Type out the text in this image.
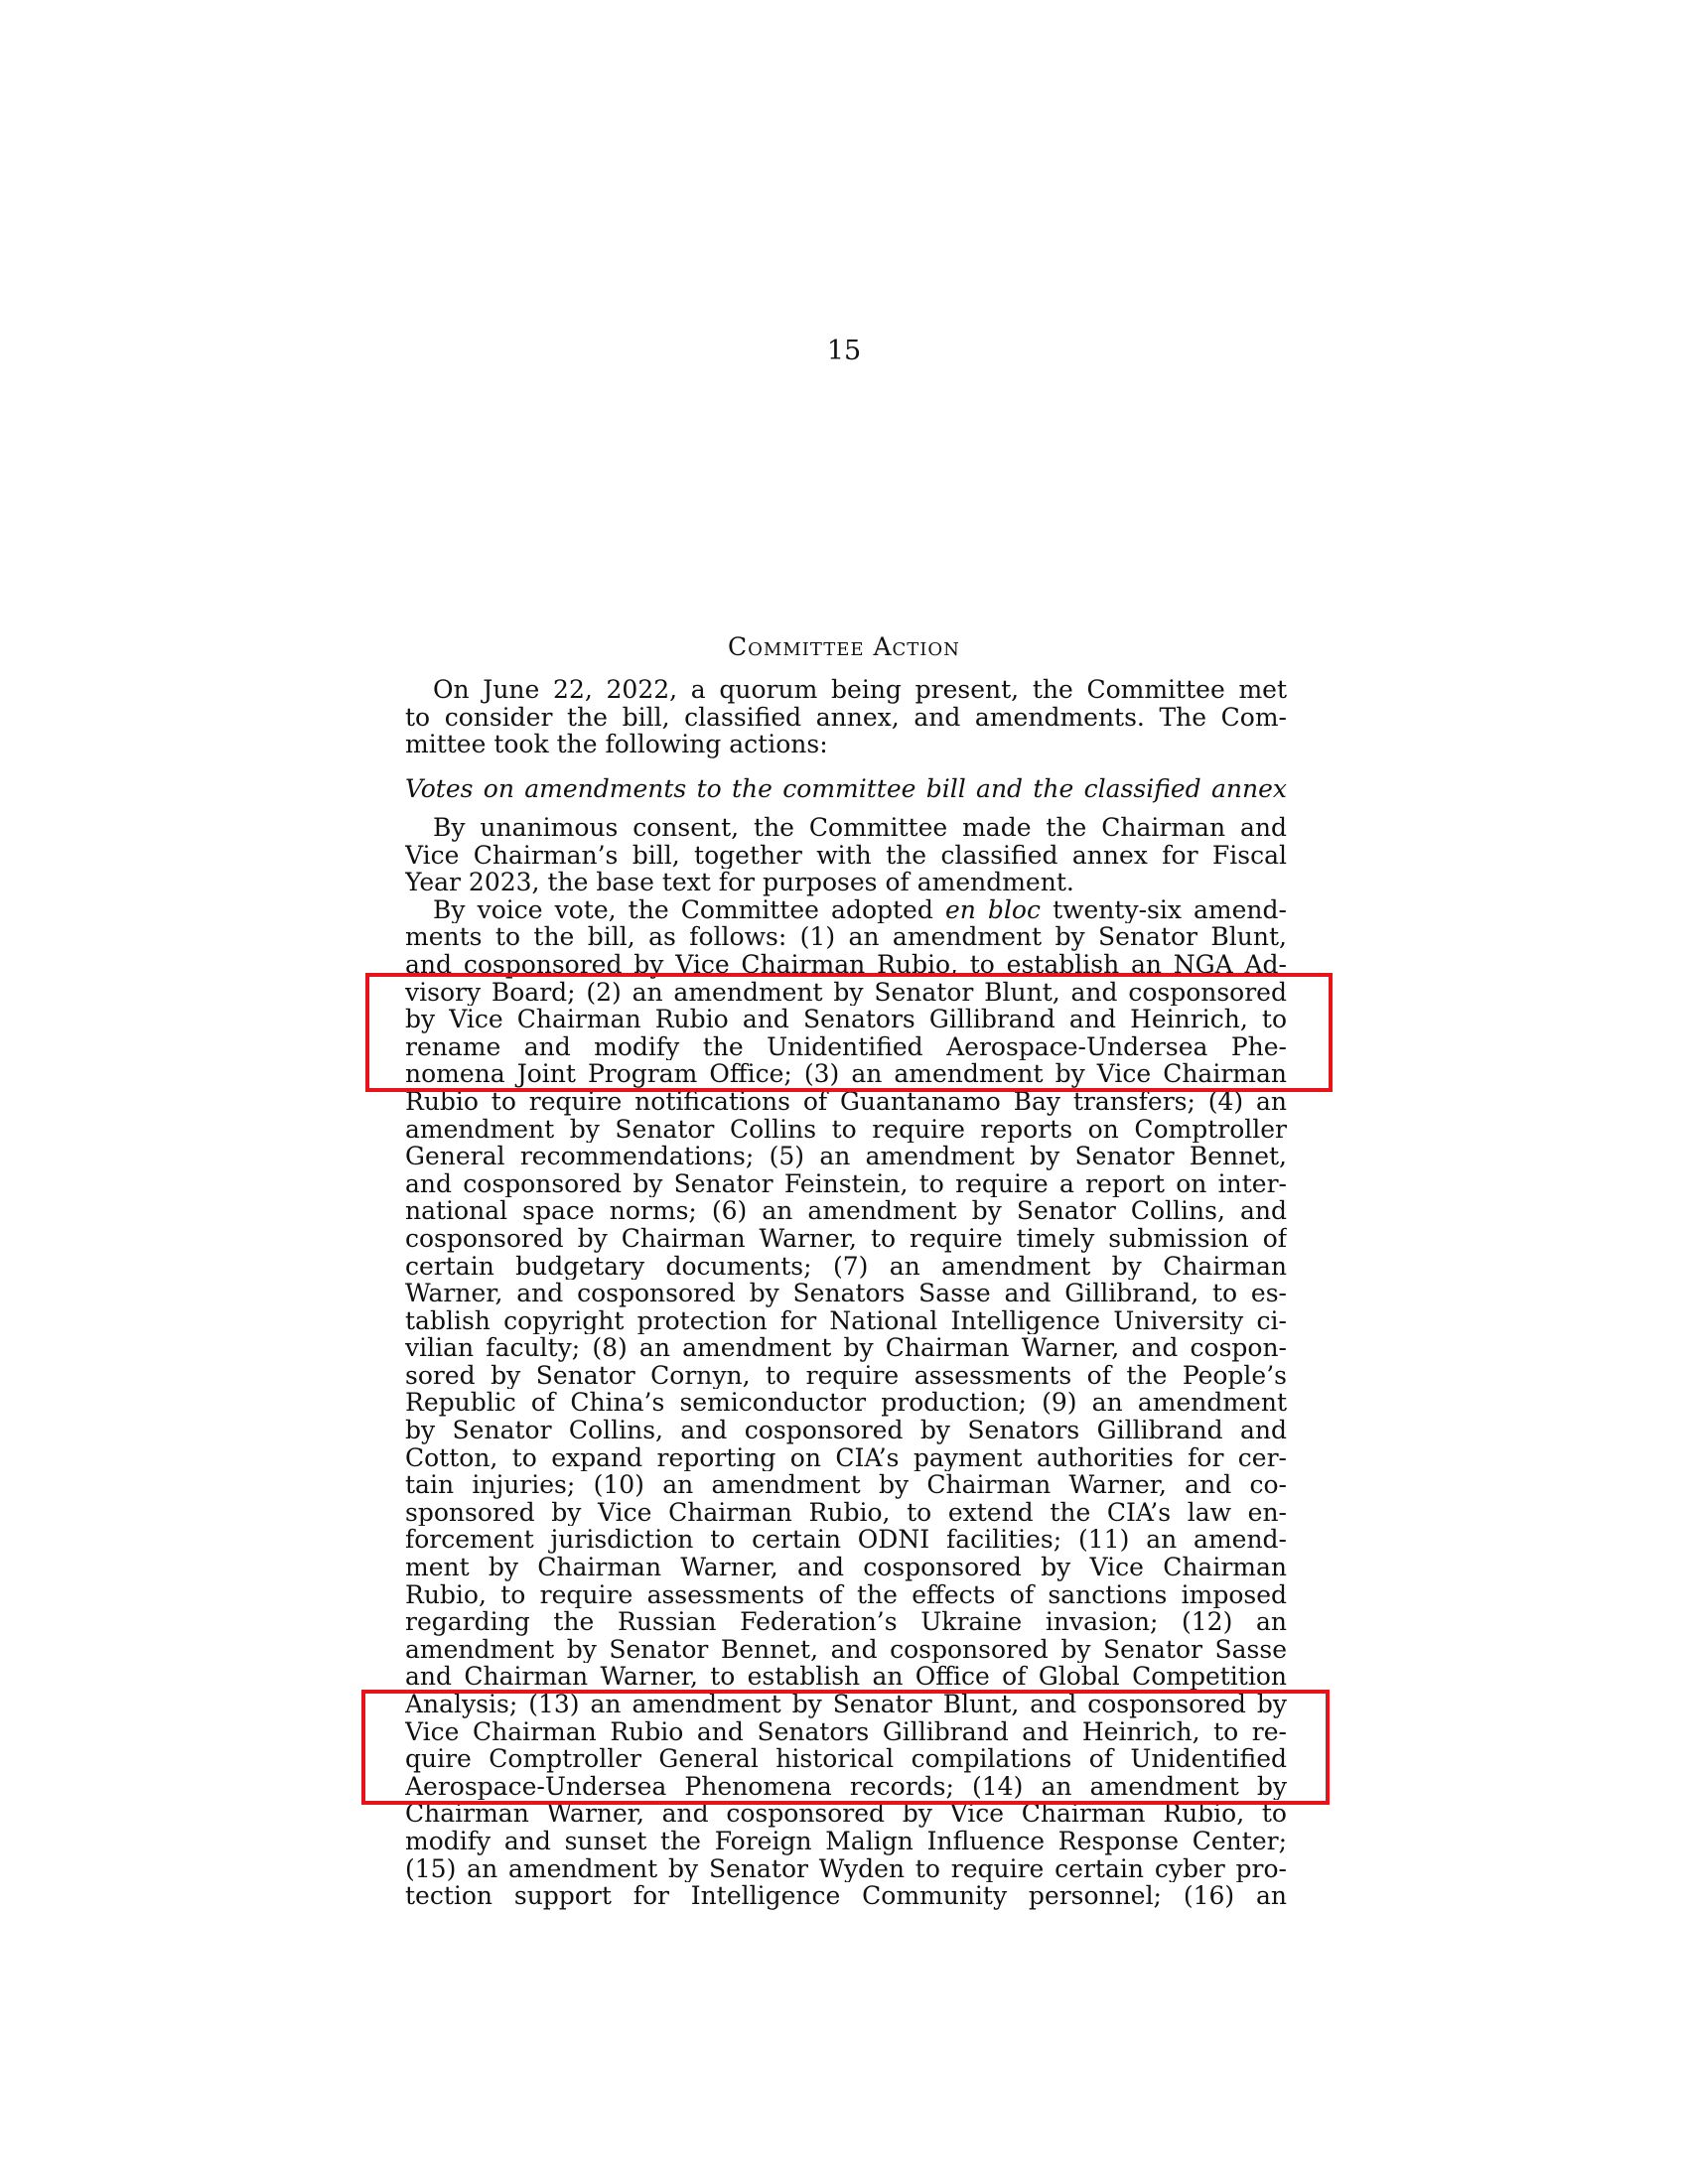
15
Committee Action
On June 22, 2022, a quorum being present, the Committee met
to consider the bill, classified annex, and amendments. The Com-
mittee took the following actions:
Votes on amendments to the committee bill and the classified annex
By unanimous consent, the Committee made the Chairman and
Vice Chairman’s bill, together with the classified annex for Fiscal
Year 2023, the base text for purposes of amendment.
By voice vote, the Committee adopted en bloc twenty-six amend-
ments to the bill, as follows: (1) an amendment by Senator Blunt,
and cosponsored by Vice Chairman Rubio, to establish an NGA Ad-
visory Board; (2) an amendment by Senator Blunt, and cosponsored
by Vice Chairman Rubio and Senators Gillibrand and Heinrich, to
rename and modify the Unidentified Aerospace-Undersea Phe-
nomena Joint Program Office; (3) an amendment by Vice Chairman
Rubio to require notifications of Guantanamo Bay transfers; (4) an
amendment by Senator Collins to require reports on Comptroller
General recommendations; (5) an amendment by Senator Bennet,
and cosponsored by Senator Feinstein, to require a report on inter-
national space norms; (6) an amendment by Senator Collins, and
cosponsored by Chairman Warner, to require timely submission of
certain budgetary documents; (7) an amendment by Chairman
Warner, and cosponsored by Senators Sasse and Gillibrand, to es-
tablish copyright protection for National Intelligence University ci-
vilian faculty; (8) an amendment by Chairman Warner, and cospon-
sored by Senator Cornyn, to require assessments of the People’s
Republic of China’s semiconductor production; (9) an amendment
by Senator Collins, and cosponsored by Senators Gillibrand and
Cotton, to expand reporting on CIA’s payment authorities for cer-
tain injuries; (10) an amendment by Chairman Warner, and co-
sponsored by Vice Chairman Rubio, to extend the CIA’s law en-
forcement jurisdiction to certain ODNI facilities; (11) an amend-
ment by Chairman Warner, and cosponsored by Vice Chairman
Rubio, to require assessments of the effects of sanctions imposed
regarding the Russian Federation’s Ukraine invasion; (12) an
amendment by Senator Bennet, and cosponsored by Senator Sasse
and Chairman Warner, to establish an Office of Global Competition
Analysis; (13) an amendment by Senator Blunt, and cosponsored by
Vice Chairman Rubio and Senators Gillibrand and Heinrich, to re-
quire Comptroller General historical compilations of Unidentified
Aerospace-Undersea Phenomena records; (14) an amendment by
Chairman Warner, and cosponsored by Vice Chairman Rubio, to
modify and sunset the Foreign Malign Influence Response Center;
(15) an amendment by Senator Wyden to require certain cyber pro-
tection support for Intelligence Community personnel; (16) an
